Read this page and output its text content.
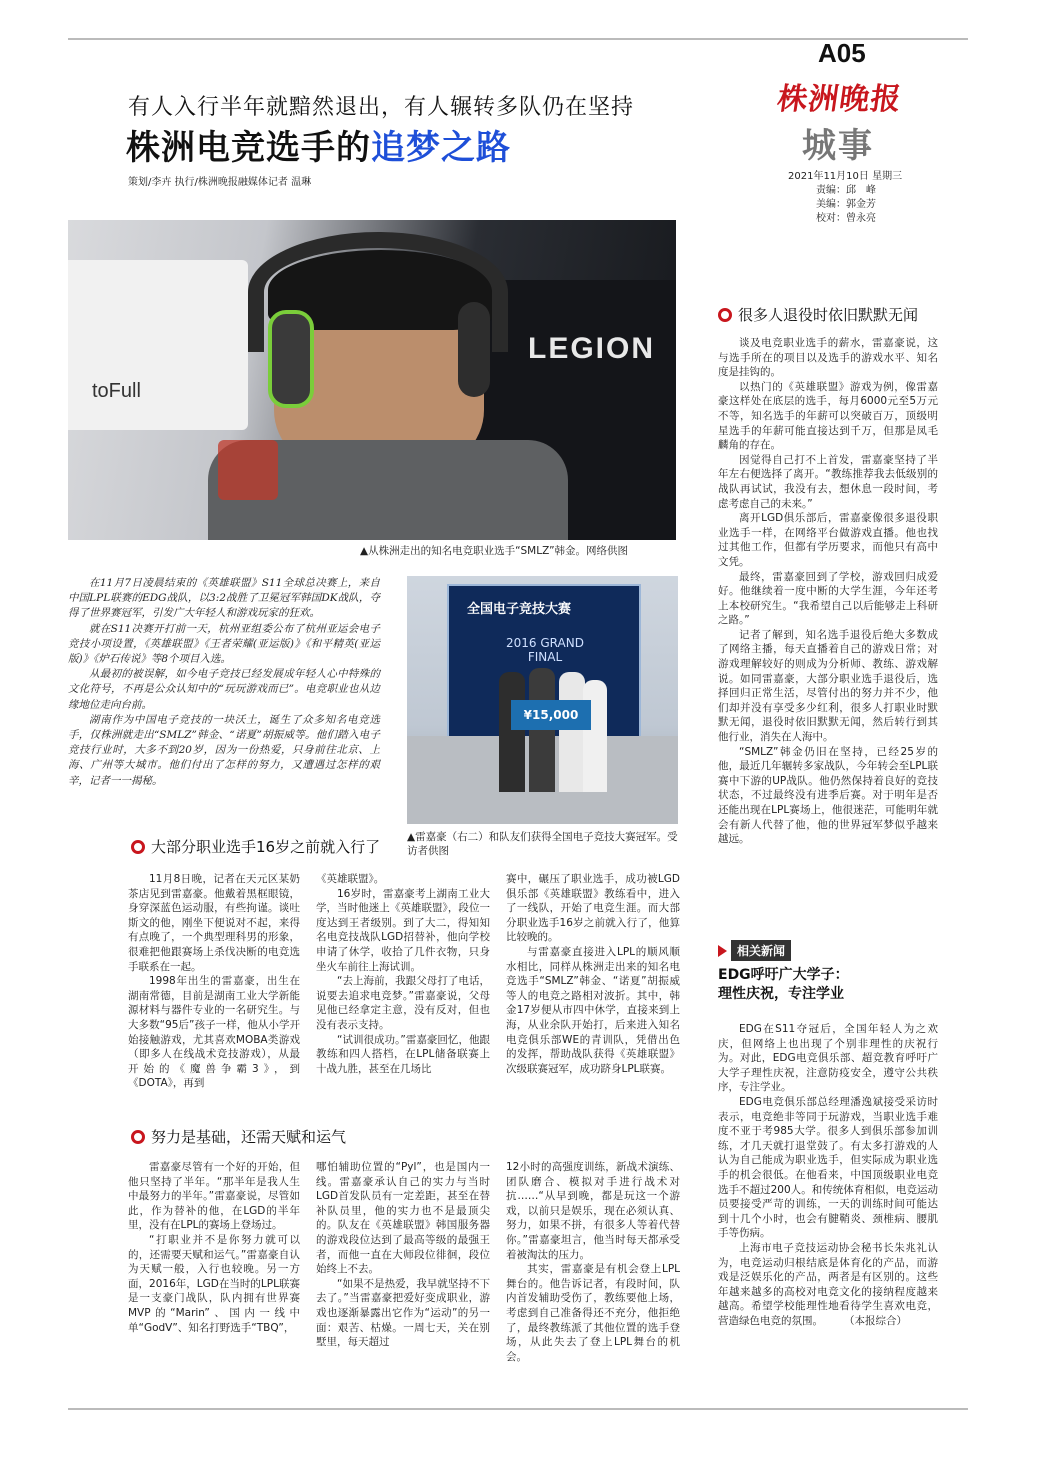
A05
株洲晚报
城事
2021年11月10日 星期三
责编：邱　峰
美编：郭金芳
校对：曾永亮
有人入行半年就黯然退出，有人辗转多队仍在坚持
株洲电竞选手的追梦之路
策划/李卉 执行/株洲晚报融媒体记者 温琳
toFull
LEGION
▲从株洲走出的知名电竞职业选手“SMLZ”韩金。网络供图

在11月7日凌晨结束的《英雄联盟》S11全球总决赛上，来自中国LPL联赛的EDG战队，以3:2战胜了卫冕冠军韩国DK战队，夺得了世界赛冠军，引发广大年轻人和游戏玩家的狂欢。

就在S11决赛开打前一天，杭州亚组委公布了杭州亚运会电子竞技小项设置，《英雄联盟》《王者荣耀(亚运版)》《和平精英(亚运版)》《炉石传说》等8个项目入选。

从最初的被误解，如今电子竞技已经发展成年轻人心中特殊的文化符号，不再是公众认知中的“玩玩游戏而已”。电竞职业也从边缘地位走向台前。

湖南作为中国电子竞技的一块沃土，诞生了众多知名电竞选手，仅株洲就走出“SMLZ”韩金、“诺夏”胡振威等。他们踏入电子竞技行业时，大多不到20岁，因为一份热爱，只身前往北京、上海、广州等大城市。他们付出了怎样的努力，又遭遇过怎样的艰辛，记者一一揭秘。

全国电子竞技大赛
2016 GRAND FINAL
¥15,000
▲雷嘉豪（右二）和队友们获得全国电子竞技大赛冠军。受访者供图
大部分职业选手16岁之前就入行了

11月8日晚，记者在天元区某奶茶店见到雷嘉豪。他戴着黑框眼镜，身穿深蓝色运动服，有些拘谨。谈吐斯文的他，刚坐下便说对不起，来得有点晚了，一个典型理科男的形象，很难把他跟赛场上杀伐决断的电竞选手联系在一起。

1998年出生的雷嘉豪，出生在湖南常德，目前是湖南工业大学新能源材料与器件专业的一名研究生。与大多数“95后”孩子一样，他从小学开始接触游戏，尤其喜欢MOBA类游戏（即多人在线战术竞技游戏），从最开始的《魔兽争霸3》，到《DOTA》，再到

《英雄联盟》。

16岁时，雷嘉豪考上湖南工业大学，当时他迷上《英雄联盟》，段位一度达到王者级别。到了大二，得知知名电竞技战队LGD招替补，他向学校申请了休学，收拾了几件衣物，只身坐火车前往上海试训。

“去上海前，我跟父母打了电话，说要去追求电竞梦。”雷嘉豪说，父母见他已经拿定主意，没有反对，但也没有表示支持。

“试训很成功。”雷嘉豪回忆，他跟教练和四人搭档，在LPL储备联赛上十战九胜，甚至在几场比

赛中，碾压了职业选手，成功被LGD俱乐部《英雄联盟》教练看中，进入了一线队，开始了电竞生涯。而大部分职业选手16岁之前就入行了，他算比较晚的。

与雷嘉豪直接进入LPL的顺风顺水相比，同样从株洲走出来的知名电竞选手“SMLZ”韩金、“诺夏”胡振威等人的电竞之路相对波折。其中，韩金17岁便从市四中休学，直接来到上海，从业余队开始打，后来进入知名电竞俱乐部WE的青训队，凭借出色的发挥，帮助战队获得《英雄联盟》次级联赛冠军，成功跻身LPL联赛。

努力是基础，还需天赋和运气

雷嘉豪尽管有一个好的开始，但他只坚持了半年。“那半年是我人生中最努力的半年。”雷嘉豪说，尽管如此，作为替补的他，在LGD的半年里，没有在LPL的赛场上登场过。

“打职业并不是你努力就可以的，还需要天赋和运气。”雷嘉豪自认为天赋一般，入行也较晚。另一方面，2016年，LGD在当时的LPL联赛是一支豪门战队，队内拥有世界赛MVP的“Marin”、国内一线中单“GodV”、知名打野选手“TBQ”，

哪怕辅助位置的“Pyl”，也是国内一线。雷嘉豪承认自己的实力与当时LGD首发队员有一定差距，甚至在替补队员里，他的实力也不是最顶尖的。队友在《英雄联盟》韩国服务器的游戏段位达到了最高等级的最强王者，而他一直在大师段位徘徊，段位始终上不去。

“如果不是热爱，我早就坚持不下去了。”当雷嘉豪把爱好变成职业，游戏也逐渐暴露出它作为“运动”的另一面：艰苦、枯燥。一周七天，关在别墅里，每天超过

12小时的高强度训练，新战术演练、团队磨合、模拟对手进行战术对抗……“从早到晚，都是玩这一个游戏，以前只是娱乐，现在必须认真、努力，如果不拼，有很多人等着代替你。”雷嘉豪坦言，他当时每天都承受着被淘汰的压力。

其实，雷嘉豪是有机会登上LPL舞台的。他告诉记者，有段时间，队内首发辅助受伤了，教练要他上场，考虑到自己准备得还不充分，他拒绝了，最终教练派了其他位置的选手登场，从此失去了登上LPL舞台的机会。

很多人退役时依旧默默无闻

谈及电竞职业选手的薪水，雷嘉豪说，这与选手所在的项目以及选手的游戏水平、知名度是挂钩的。

以热门的《英雄联盟》游戏为例，像雷嘉豪这样处在底层的选手，每月6000元至5万元不等，知名选手的年薪可以突破百万，顶级明星选手的年薪可能直接达到千万，但那是凤毛麟角的存在。

因觉得自己打不上首发，雷嘉豪坚持了半年左右便选择了离开。“教练推荐我去低级别的战队再试试，我没有去，想休息一段时间，考虑考虑自己的未来。”

离开LGD俱乐部后，雷嘉豪像很多退役职业选手一样，在网络平台做游戏直播。他也找过其他工作，但都有学历要求，而他只有高中文凭。

最终，雷嘉豪回到了学校，游戏回归成爱好。他继续着一度中断的大学生涯，今年还考上本校研究生。“我希望自己以后能够走上科研之路。”

记者了解到，知名选手退役后绝大多数成了网络主播，每天直播着自己的游戏日常；对游戏理解较好的则成为分析师、教练、游戏解说。如同雷嘉豪，大部分职业选手退役后，选择回归正常生活，尽管付出的努力并不少，他们却并没有享受多少红利，很多人打职业时默默无闻，退役时依旧默默无闻，然后转行到其他行业，消失在人海中。

“SMLZ”韩金仍旧在坚持，已经25岁的他，最近几年辗转多家战队，今年转会至LPL联赛中下游的UP战队。他仍然保持着良好的竞技状态，不过最终没有进季后赛。对于明年是否还能出现在LPL赛场上，他很迷茫，可能明年就会有新人代替了他，他的世界冠军梦似乎越来越远。

相关新闻
EDG呼吁广大学子：
理性庆祝，专注学业

EDG在S11夺冠后，全国年轻人为之欢庆，但网络上也出现了个别非理性的庆祝行为。对此，EDG电竞俱乐部、超竞教育呼吁广大学子理性庆祝，注意防疫安全，遵守公共秩序，专注学业。

EDG电竞俱乐部总经理潘逸斌接受采访时表示，电竞绝非等同于玩游戏，当职业选手难度不亚于考985大学。很多人到俱乐部参加训练，才几天就打退堂鼓了。有太多打游戏的人认为自己能成为职业选手，但实际成为职业选手的机会很低。在他看来，中国顶级职业电竞选手不超过200人。和传统体育相似，电竞运动员要接受严苛的训练，一天的训练时间可能达到十几个小时，也会有腱鞘炎、颈椎病、腰肌手等伤病。

上海市电子竞技运动协会秘书长朱兆礼认为，电竞运动归根结底是体育化的产品，而游戏是泛娱乐化的产品，两者是有区别的。这些年越来越多的高校对电竞文化的接纳程度越来越高。希望学校能理性地看待学生喜欢电竞，营造绿色电竞的氛围。　　　（本报综合）
